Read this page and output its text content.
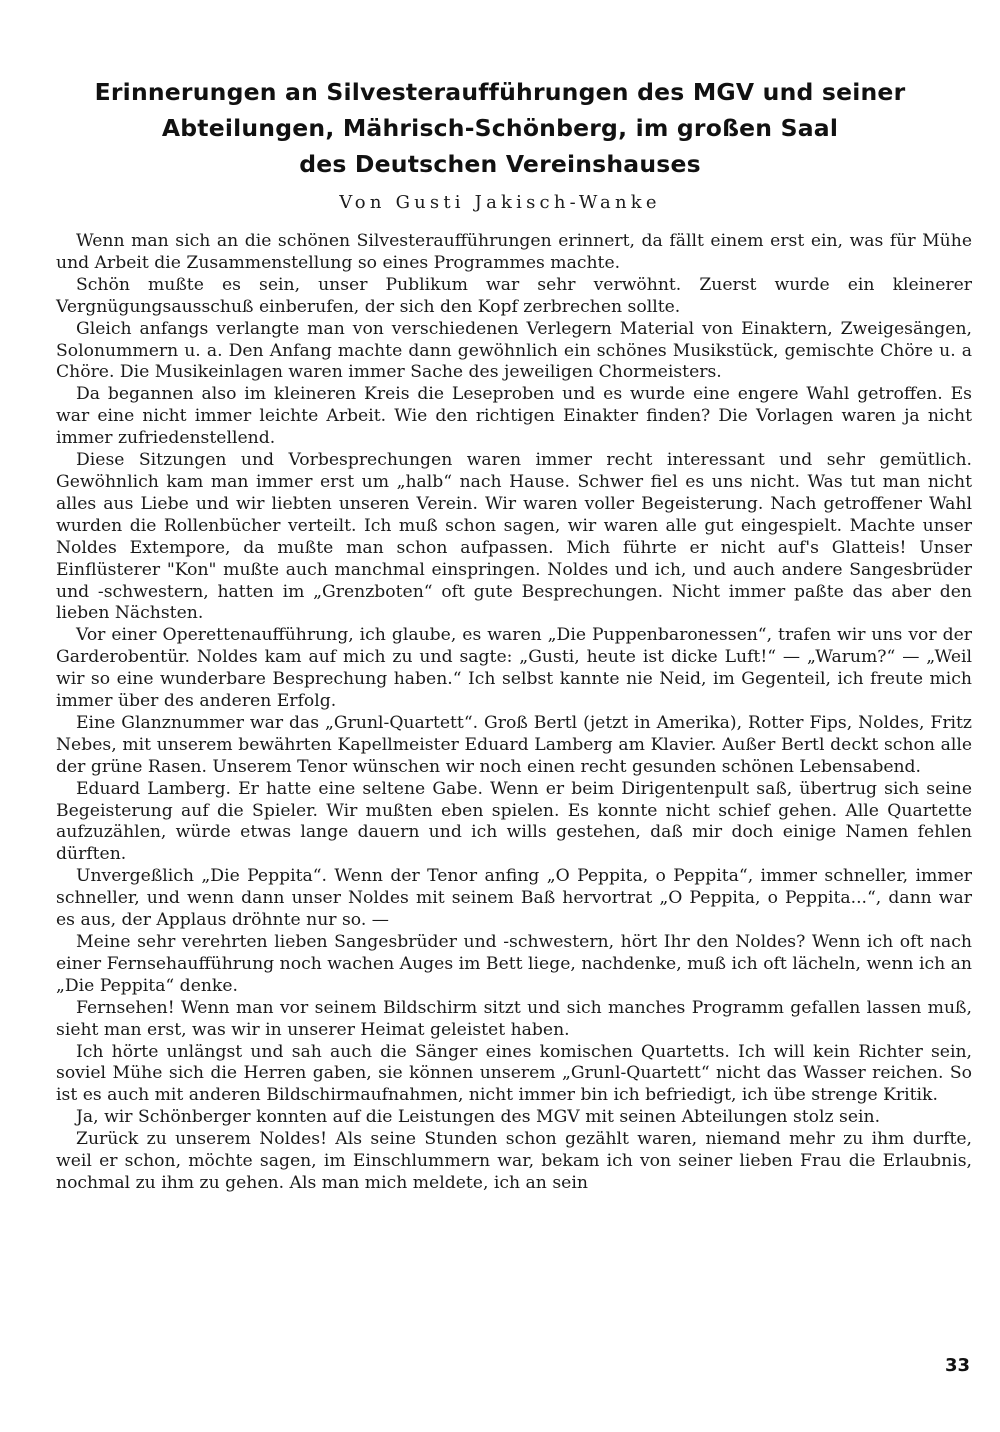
Erinnerungen an Silvesteraufführungen des MGV und seiner
Abteilungen, Mährisch-Schönberg, im großen Saal
des Deutschen Vereinshauses
Von Gusti Jakisch-Wanke

Wenn man sich an die schönen Silvesteraufführungen erinnert, da fällt einem erst ein, was für Mühe und Arbeit die Zusammenstellung so eines Programmes machte.

Schön mußte es sein, unser Publikum war sehr verwöhnt. Zuerst wurde ein kleinerer Vergnügungsausschuß einberufen, der sich den Kopf zerbrechen sollte.

Gleich anfangs verlangte man von verschiedenen Verlegern Material von Einaktern, Zweigesängen, Solonummern u. a. Den Anfang machte dann gewöhnlich ein schönes Musikstück, gemischte Chöre u. a Chöre. Die Musikeinlagen waren immer Sache des jeweiligen Chormeisters.

Da begannen also im kleineren Kreis die Leseproben und es wurde eine engere Wahl getroffen. Es war eine nicht immer leichte Arbeit. Wie den richtigen Einakter finden? Die Vorlagen waren ja nicht immer zufriedenstellend.

Diese Sitzungen und Vorbesprechungen waren immer recht interessant und sehr gemütlich. Gewöhnlich kam man immer erst um „halb“ nach Hause. Schwer fiel es uns nicht. Was tut man nicht alles aus Liebe und wir liebten unseren Verein. Wir waren voller Begeisterung. Nach getroffener Wahl wurden die Rollenbücher verteilt. Ich muß schon sagen, wir waren alle gut eingespielt. Machte unser Noldes Extempore, da mußte man schon aufpassen. Mich führte er nicht auf's Glatteis! Unser Einflüsterer "Kon" mußte auch manchmal einspringen. Noldes und ich, und auch andere Sangesbrüder und -schwestern, hatten im „Grenzboten“ oft gute Besprechungen. Nicht immer paßte das aber den lieben Nächsten.

Vor einer Operettenaufführung, ich glaube, es waren „Die Puppenbaronessen“, trafen wir uns vor der Garderobentür. Noldes kam auf mich zu und sagte: „Gusti, heute ist dicke Luft!“ — „Warum?“ — „Weil wir so eine wunderbare Besprechung haben.“ Ich selbst kannte nie Neid, im Gegenteil, ich freute mich immer über des anderen Erfolg.

Eine Glanznummer war das „Grunl-Quartett“. Groß Bertl (jetzt in Amerika), Rotter Fips, Noldes, Fritz Nebes, mit unserem bewährten Kapellmeister Eduard Lamberg am Klavier. Außer Bertl deckt schon alle der grüne Rasen. Unserem Tenor wünschen wir noch einen recht gesunden schönen Lebensabend.

Eduard Lamberg. Er hatte eine seltene Gabe. Wenn er beim Dirigentenpult saß, übertrug sich seine Begeisterung auf die Spieler. Wir mußten eben spielen. Es konnte nicht schief gehen. Alle Quartette aufzuzählen, würde etwas lange dauern und ich wills gestehen, daß mir doch einige Namen fehlen dürften.

Unvergeßlich „Die Peppita“. Wenn der Tenor anfing „O Peppita, o Peppita“, immer schneller, immer schneller, und wenn dann unser Noldes mit seinem Baß hervortrat „O Peppita, o Peppita...“, dann war es aus, der Applaus dröhnte nur so. —

Meine sehr verehrten lieben Sangesbrüder und -schwestern, hört Ihr den Noldes? Wenn ich oft nach einer Fernsehaufführung noch wachen Auges im Bett liege, nachdenke, muß ich oft lächeln, wenn ich an „Die Peppita“ denke.

Fernsehen! Wenn man vor seinem Bildschirm sitzt und sich manches Programm gefallen lassen muß, sieht man erst, was wir in unserer Heimat geleistet haben.

Ich hörte unlängst und sah auch die Sänger eines komischen Quartetts. Ich will kein Richter sein, soviel Mühe sich die Herren gaben, sie können unserem „Grunl-Quartett“ nicht das Wasser reichen. So ist es auch mit anderen Bildschirmaufnahmen, nicht immer bin ich befriedigt, ich übe strenge Kritik.

Ja, wir Schönberger konnten auf die Leistungen des MGV mit seinen Abteilungen stolz sein.

Zurück zu unserem Noldes! Als seine Stunden schon gezählt waren, niemand mehr zu ihm durfte, weil er schon, möchte sagen, im Einschlummern war, bekam ich von seiner lieben Frau die Erlaubnis, nochmal zu ihm zu gehen. Als man mich meldete, ich an sein

33
